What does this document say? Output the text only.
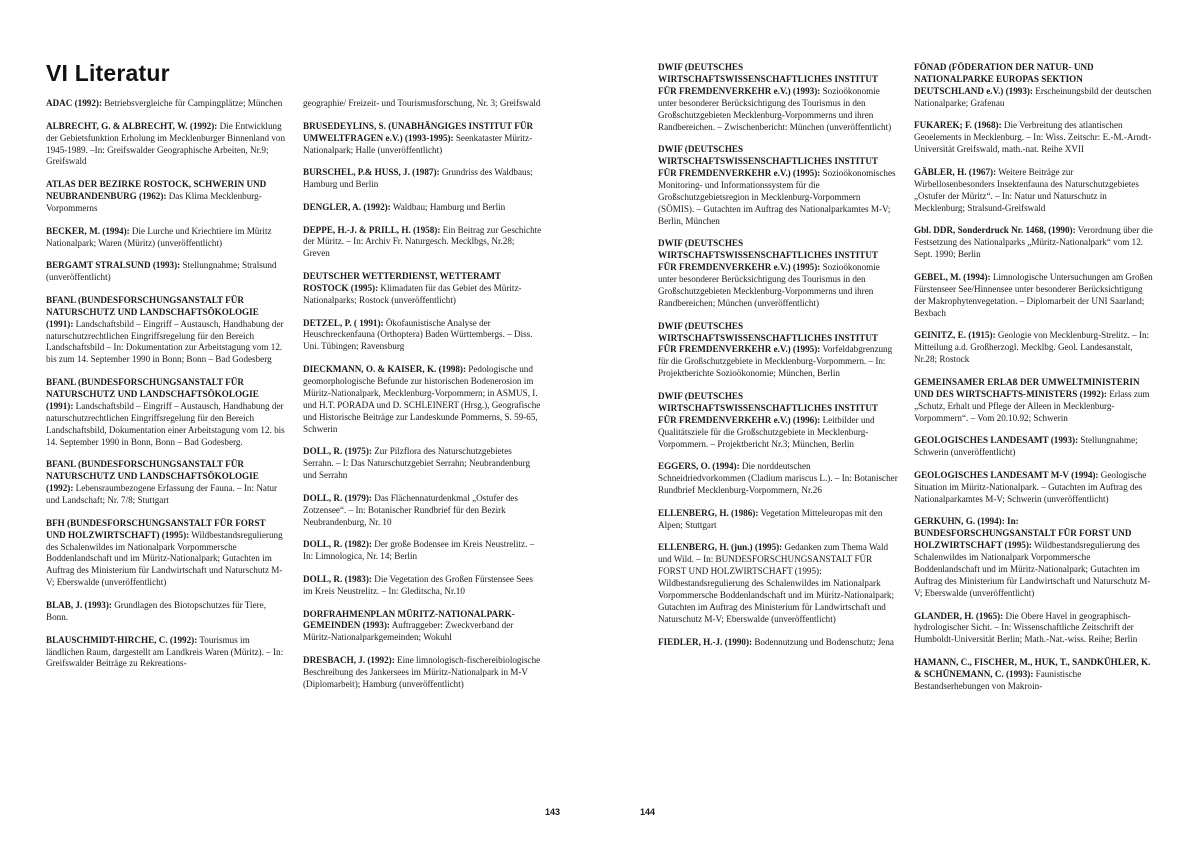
VI Literatur

ADAC (1992): Betriebsvergleiche für Campingplätze; München

ALBRECHT, G. & ALBRECHT, W. (1992): Die Entwicklung der Gebietsfunktion Erholung im Mecklenburger Binnenland von 1945-1989. –In: Greifswalder Geographische Arbeiten, Nr.9; Greifswald

ATLAS DER BEZIRKE ROSTOCK, SCHWERIN UND NEUBRANDENBURG (1962): Das Klima Mecklenburg-Vorpommerns

BECKER, M. (1994): Die Lurche und Kriechtiere im Müritz Nationalpark; Waren (Müritz) (unveröffentlicht)

BERGAMT STRALSUND (1993): Stellungnahme; Stralsund (unveröffentlicht)

BFANL (BUNDESFORSCHUNGSANSTALT FÜR NATURSCHUTZ UND LANDSCHAFTSÖKOLOGIE (1991): Landschaftsbild – Eingriff – Austausch, Handhabung der naturschutzrechtlichen Eingriffsregelung für den Bereich Landschaftsbild – In: Dokumentation zur Arbeitstagung vom 12. bis zum 14. September 1990 in Bonn; Bonn – Bad Godesberg

BFANL (BUNDESFORSCHUNGSANSTALT FÜR NATURSCHUTZ UND LANDSCHAFTSÖKOLOGIE (1991): Landschaftsbild – Eingriff – Austausch, Handhabung der naturschutzrechtlichen Eingriffsregelung für den Bereich Landschaftsbild, Dokumentation einer Arbeitstagung vom 12. bis 14. September 1990 in Bonn, Bonn – Bad Godesberg.

BFANL (BUNDESFORSCHUNGSANSTALT FÜR NATURSCHUTZ UND LANDSCHAFTSÖKOLOGIE (1992): Lebensraumbezogene Erfassung der Fauna. – In: Natur und Landschaft; Nr. 7/8; Stuttgart

BFH (BUNDESFORSCHUNGSANSTALT FÜR FORST UND HOLZWIRTSCHAFT) (1995): Wildbestandsregulierung des Schalenwildes im Nationalpark Vorpommersche Boddenlandschaft und im Müritz-Nationalpark; Gutachten im Auftrag des Ministerium für Landwirtschaft und Naturschutz M-V; Eberswalde (unveröffentlicht)

BLAB, J. (1993): Grundlagen des Biotopschutzes für Tiere, Bonn.

BLAUSCHMIDT-HIRCHE, C. (1992): Tourismus im ländlichen Raum, dargestellt am Landkreis Waren (Müritz). – In: Greifswalder Beiträge zu Rekreations-

geographie/ Freizeit- und Tourismusforschung, Nr. 3; Greifswald

BRUSEDEYLINS, S. (UNABHÄNGIGES INSTITUT FÜR UMWELTFRAGEN e.V.) (1993-1995): Seenkataster Müritz-Nationalpark; Halle (unveröffentlicht)

BURSCHEL, P.& HUSS, J. (1987): Grundriss des Waldbaus; Hamburg und Berlin

DENGLER, A. (1992): Waldbau; Hamburg und Berlin

DEPPE, H.-J. & PRILL, H. (1958): Ein Beitrag zur Geschichte der Müritz. – In: Archiv Fr. Naturgesch. Mecklbgs, Nr.28; Greven

DEUTSCHER WETTERDIENST, WETTERAMT ROSTOCK (1995): Klimadaten für das Gebiet des Müritz-Nationalparks; Rostock (unveröffentlicht)

DETZEL, P. ( 1991): Ökofaunistische Analyse der Heuschreckenfauna (Orthoptera) Baden Württembergs. – Diss. Uni. Tübingen; Ravensburg

DIECKMANN, O. & KAISER, K. (1998): Pedologische und geomorphologische Befunde zur historischen Bodenerosion im Müritz-Nationalpark, Mecklenburg-Vorpommern; in ASMUS, I. und H.T. PORADA und D. SCHLEINERT (Hrsg.), Geografische und Historische Beiträge zur Landeskunde Pommerns, S. 59-65, Schwerin

DOLL, R. (1975): Zur Pilzflora des Naturschutzgebietes Serrahn. – I: Das Naturschutzgebiet Serrahn; Neubrandenburg und Serrahn

DOLL, R. (1979): Das Flächennaturdenkmal „Ostufer des Zotzensee“. – In: Botanischer Rundbrief für den Bezirk Neubrandenburg, Nr. 10

DOLL, R. (1982): Der große Bodensee im Kreis Neustrelitz. – In: Limnologica, Nr. 14; Berlin

DOLL, R. (1983): Die Vegetation des Großen Fürstensee Sees im Kreis Neustrelitz. – In: Gleditscha, Nr.10

DORFRAHMENPLAN MÜRITZ-NATIONALPARK-GEMEINDEN (1993): Auftraggeber: Zweckverband der Müritz-Nationalparkgemeinden; Wokuhl

DRESBACH, J. (1992): Eine limnologisch-fischereibiologische Beschreibung des Jankersees im Müritz-Nationalpark in M-V (Diplomarbeit); Hamburg (unveröffentlicht)

DWIF (DEUTSCHES WIRTSCHAFTSWISSENSCHAFTLICHES INSTITUT FÜR FREMDENVERKEHR e.V.) (1993): Sozioökonomie unter besonderer Berücksichtigung des Tourismus in den Großschutzgebieten Mecklenburg-Vorpommerns und ihren Randbereichen. – Zwischenbericht: München (unveröffentlicht)

DWIF (DEUTSCHES WIRTSCHAFTSWISSENSCHAFTLICHES INSTITUT FÜR FREMDENVERKEHR e.V.) (1995): Sozioökonomisches Monitoring- und Informationssystem für die Großschutzgebietsregion in Mecklenburg-Vorpommern (SÖMIS). – Gutachten im Auftrag des Nationalparkamtes M-V; Berlin, München

DWIF (DEUTSCHES WIRTSCHAFTSWISSENSCHAFTLICHES INSTITUT FÜR FREMDENVERKEHR e.V.) (1995): Sozioökonomie unter besonderer Berücksichtigung des Tourismus in den Großschutzgebieten Mecklenburg-Vorpommerns und ihren Randbereichen; München (unveröffentlicht)

DWIF (DEUTSCHES WIRTSCHAFTSWISSENSCHAFTLICHES INSTITUT FÜR FREMDENVERKEHR e.V.) (1995): Vorfeldabgrenzung für die Großschutzgebiete in Mecklenburg-Vorpommern. – In: Projektberichte Sozioökonomie; München, Berlin

DWIF (DEUTSCHES WIRTSCHAFTSWISSENSCHAFTLICHES INSTITUT FÜR FREMDENVERKEHR e.V.) (1996): Leitbilder und Qualitätsziele für die Großschutzgebiete in Mecklenburg-Vorpommern. – Projektbericht Nr.3; München, Berlin

EGGERS, O. (1994): Die norddeutschen Schneidriedvorkommen (Cladium mariscus L.). – In: Botanischer Rundbrief Mecklenburg-Vorpommern, Nr.26

ELLENBERG, H. (1986): Vegetation Mitteleuropas mit den Alpen; Stuttgart

ELLENBERG, H. (jun.) (1995): Gedanken zum Thema Wald und Wild. – In: BUNDESFORSCHUNGSANSTALT FÜR FORST UND HOLZWIRTSCHAFT (1995): Wildbestandsregulierung des Schalenwildes im Nationalpark Vorpommersche Boddenlandschaft und im Müritz-Nationalpark; Gutachten im Auftrag des Ministerium für Landwirtschaft und Naturschutz M-V; Eberswalde (unveröffentlicht)

FIEDLER, H.-J. (1990): Bodennutzung und Bodenschutz; Jena

FÖNAD (FÖDERATION DER NATUR- UND NATIONALPARKE EUROPAS SEKTION DEUTSCHLAND e.V.) (1993): Erscheinungsbild der deutschen Nationalparke; Grafenau

FUKAREK; F. (1968): Die Verbreitung des atlantischen Geoelements in Mecklenburg. – In: Wiss. Zeitschr: E.-M.-Arndt-Universität Greifswald, math.-nat. Reihe XVII

GÄBLER, H. (1967): Weitere Beiträge zur Wirbellosenbesonders Insektenfauna des Naturschutzgebietes „Ostufer der Müritz“. – In: Natur und Naturschutz in Mecklenburg; Stralsund-Greifswald

Gbl. DDR, Sonderdruck Nr. 1468, (1990): Verordnung über die Festsetzung des Nationalparks „Müritz-Nationalpark“ vom 12. Sept. 1990; Berlin

GEBEL, M. (1994): Limnologische Untersuchungen am Großen Fürstenseer See/Hinnensee unter besonderer Berücksichtigung der Makrophytenvegetation. – Diplomarbeit der UNI Saarland; Bexbach

GEINITZ, E. (1915): Geologie von Mecklenburg-Strelitz. – In: Mitteilung a.d. Großherzogl. Mecklbg. Geol. Landesanstalt, Nr.28; Rostock

GEMEINSAMER ERLAß DER UMWELTMINISTERIN UND DES WIRTSCHAFTS-MINISTERS (1992): Erlass zum „Schutz, Erhalt und Pflege der Alleen in Mecklenburg-Vorpommern“. – Vom 20.10.92; Schwerin

GEOLOGISCHES LANDESAMT (1993): Stellungnahme; Schwerin (unveröffentlicht)

GEOLOGISCHES LANDESAMT M-V (1994): Geologische Situation im Müritz-Nationalpark. – Gutachten im Auftrag des Nationalparkamtes M-V; Schwerin (unveröffentlicht)

GERKUHN, G. (1994): In: BUNDESFORSCHUNGSANSTALT FÜR FORST UND HOLZWIRTSCHAFT (1995): Wildbestandsregulierung des Schalenwildes im Nationalpark Vorpommersche Boddenlandschaft und im Müritz-Nationalpark; Gutachten im Auftrag des Ministerium für Landwirtschaft und Naturschutz M-V; Eberswalde (unveröffentlicht)

GLANDER, H. (1965): Die Obere Havel in geographisch-hydrologischer Sicht. – In: Wissenschaftliche Zeitschrift der Humboldt-Universität Berlin; Math.-Nat.-wiss. Reihe; Berlin

HAMANN, C., FISCHER, M., HUK, T., SANDKÜHLER, K. & SCHÜNEMANN, C. (1993): Faunistische Bestandserhebungen von Makroin-

143	144
